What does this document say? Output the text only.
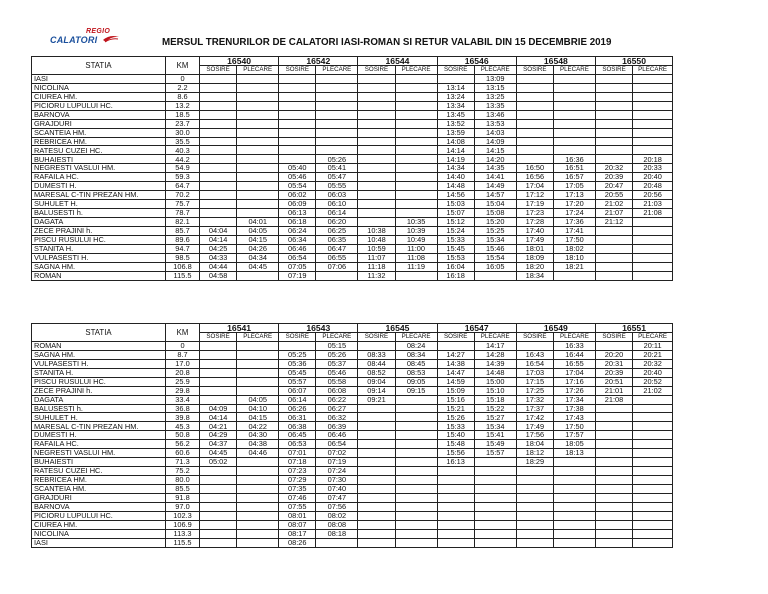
REGIO
CALATORI	MERSUL TRENURILOR DE CALATORI IASI-ROMAN SI RETUR VALABIL DIN 15 DECEMBRIE 2019
STATIA	KM	16540		16542		16544		16546		16548		16550	
		SOSIRE	PLECARE	SOSIRE	PLECARE	SOSIRE	PLECARE	SOSIRE	PLECARE	SOSIRE	PLECARE	SOSIRE	PLECARE
IASI	0								13:09				
NICOLINA	2.2							13:14	13:15				
CIUREA HM.	8.6							13:24	13:25				
PICIORU LUPULUI HC.	13.2							13:34	13:35				
BARNOVA	18.5							13:45	13:46				
GRAJDURI	23.7							13:52	13:53				
SCANTEIA HM.	30.0							13:59	14:03				
REBRICEA HM.	35.5							14:08	14:09				
RATESU CUZEI HC.	40.3							14:14	14:15				
BUHAIESTI	44.2				05:26			14:19	14:20		16:36		20:18
NEGRESTI VASLUI HM.	54.9			05:40	05:41			14:34	14:35	16:50	16:51	20:32	20:33
RAFAILA HC.	59.3			05:46	05:47			14:40	14:41	16:56	16:57	20:39	20:40
DUMESTI H.	64.7			05:54	05:55			14:48	14:49	17:04	17:05	20:47	20:48
MARESAL C-TIN PREZAN HM.	70.2			06:02	06:03			14:56	14:57	17:12	17:13	20:55	20:56
SUHULET H.	75.7			06:09	06:10			15:03	15:04	17:19	17:20	21:02	21:03
BALUSESTI h.	78.7			06:13	06:14			15:07	15:08	17:23	17:24	21:07	21:08
DAGATA	82.1		04:01	06:18	06:20		10:35	15:12	15:20	17:28	17:36	21:12	
ZECE PRAJINI h.	85.7	04:04	04:05	06:24	06:25	10:38	10:39	15:24	15:25	17:40	17:41		
PISCU RUSULUI HC.	89.6	04:14	04:15	06:34	06:35	10:48	10:49	15:33	15:34	17:49	17:50		
STANITA H.	94.7	04:25	04:26	06:46	06:47	10:59	11:00	15:45	15:46	18:01	18:02		
VULPASESTI H.	98.5	04:33	04:34	06:54	06:55	11:07	11:08	15:53	15:54	18:09	18:10		
SAGNA HM.	106.8	04:44	04:45	07:05	07:06	11:18	11:19	16:04	16:05	18:20	18:21		
ROMAN	115.5	04:58		07:19		11:32		16:18		18:34			
STATIA	KM	16541		16543		16545		16547		16549		16551	
		SOSIRE	PLECARE	SOSIRE	PLECARE	SOSIRE	PLECARE	SOSIRE	PLECARE	SOSIRE	PLECARE	SOSIRE	PLECARE
ROMAN	0				05:15		08:24		14:17		16:33		20:11
SAGNA HM.	8.7			05:25	05:26	08:33	08:34	14:27	14:28	16:43	16:44	20:20	20:21
VULPASESTI H.	17.0			05:36	05:37	08:44	08:45	14:38	14:39	16:54	16:55	20:31	20:32
STANITA H.	20.8			05:45	05:46	08:52	08:53	14:47	14:48	17:03	17:04	20:39	20:40
PISCU RUSULUI HC.	25.9			05:57	05:58	09:04	09:05	14:59	15:00	17:15	17:16	20:51	20:52
ZECE PRAJINI h.	29.8			06:07	06:08	09:14	09:15	15:09	15:10	17:25	17:26	21:01	21:02
DAGATA	33.4		04:05	06:14	06:22	09:21		15:16	15:18	17:32	17:34	21:08	
BALUSESTI h.	36.8	04:09	04:10	06:26	06:27			15:21	15:22	17:37	17:38		
SUHULET H.	39.8	04:14	04:15	06:31	06:32			15:26	15:27	17:42	17:43		
MARESAL C-TIN PREZAN HM.	45.3	04:21	04:22	06:38	06:39			15:33	15:34	17:49	17:50		
DUMESTI H.	50.8	04:29	04:30	06:45	06:46			15:40	15:41	17:56	17:57		
RAFAILA HC.	56.2	04:37	04:38	06:53	06:54			15:48	15:49	18:04	18:05		
NEGRESTI VASLUI HM.	60.6	04:45	04:46	07:01	07:02			15:56	15:57	18:12	18:13		
BUHAIESTI	71.3	05:02		07:18	07:19			16:13		18:29			
RATESU CUZEI HC.	75.2			07:23	07:24								
REBRICEA HM.	80.0			07:29	07:30								
SCANTEIA HM.	85.5			07:35	07:40								
GRAJDURI	91.8			07:46	07:47								
BARNOVA	97.0			07:55	07:56								
PICIORU LUPULUI HC.	102.3			08:01	08:02								
CIUREA HM.	106.9			08:07	08:08								
NICOLINA	113.3			08:17	08:18								
IASI	115.5			08:26									
